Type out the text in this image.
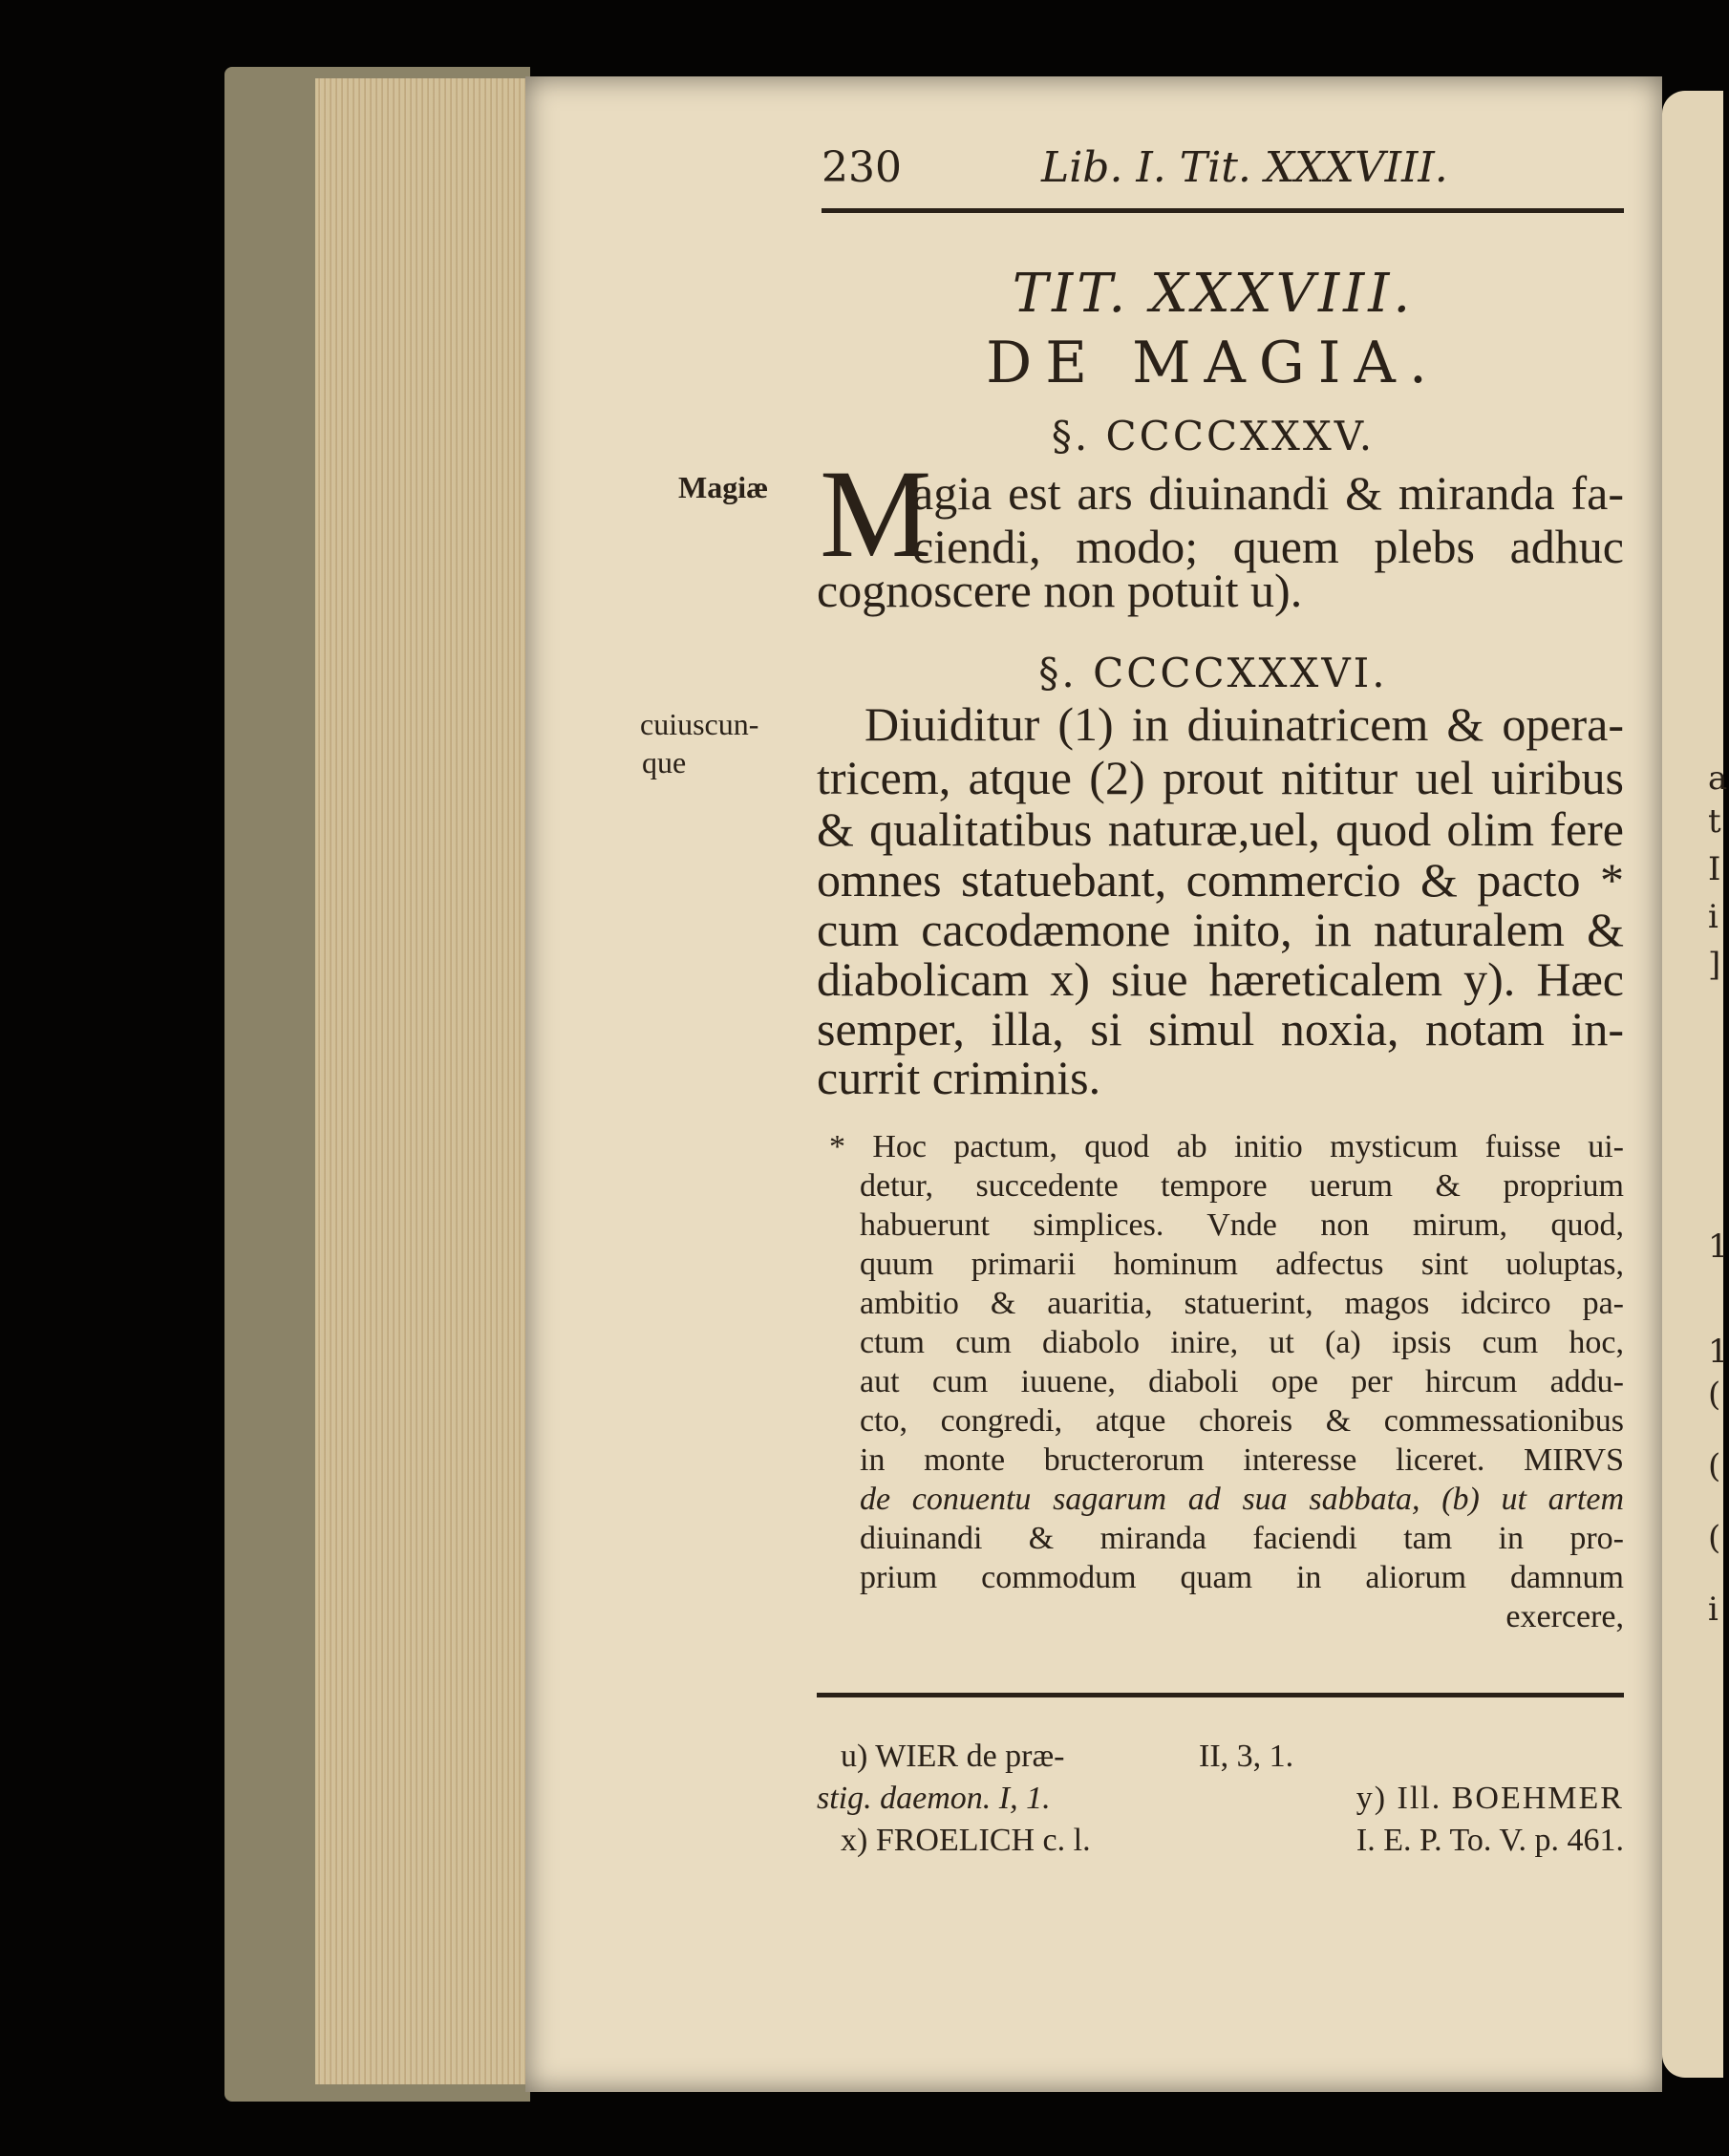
a
t
I
i
]
1
1
(
(
(
i
230	Lib. I. Tit. XXXVIII.
TIT. XXXVIII.
DE MAGIA.
§. CCCCXXXV.
M
agia est ars diuinandi & miranda fa-
ciendi, modo; quem plebs adhuc
cognoscere non potuit u).
§. CCCCXXXVI.
Diuiditur (1) in diuinatricem & opera-
tricem, atque (2) prout nititur uel uiribus
& qualitatibus naturæ,uel, quod olim fere
omnes statuebant, commercio & pacto *
cum cacodæmone inito, in naturalem &
diabolicam x) siue hæreticalem y). Hæc
semper, illa, si simul noxia, notam in-
currit criminis.
Magiæ
cuiuscun-
que
* Hoc pactum, quod ab initio mysticum fuisse ui-
detur, succedente tempore uerum & proprium
habuerunt simplices. Vnde non mirum, quod,
quum primarii hominum adfectus sint uoluptas,
ambitio & auaritia, statuerint, magos idcirco pa-
ctum cum diabolo inire, ut (a) ipsis cum hoc,
aut cum iuuene, diaboli ope per hircum addu-
cto, congredi, atque choreis & commessationibus
in monte bructerorum interesse liceret. MIRVS
de conuentu sagarum ad sua sabbata, (b) ut artem
diuinandi & miranda faciendi tam in pro-
prium commodum quam in aliorum damnum
exercere,
u) WIER de præ-
stig. daemon. I, 1.
x) FROELICH c. l.
II, 3, 1.
y) Ill. BOEHMER
I. E. P. To. V. p. 461.
